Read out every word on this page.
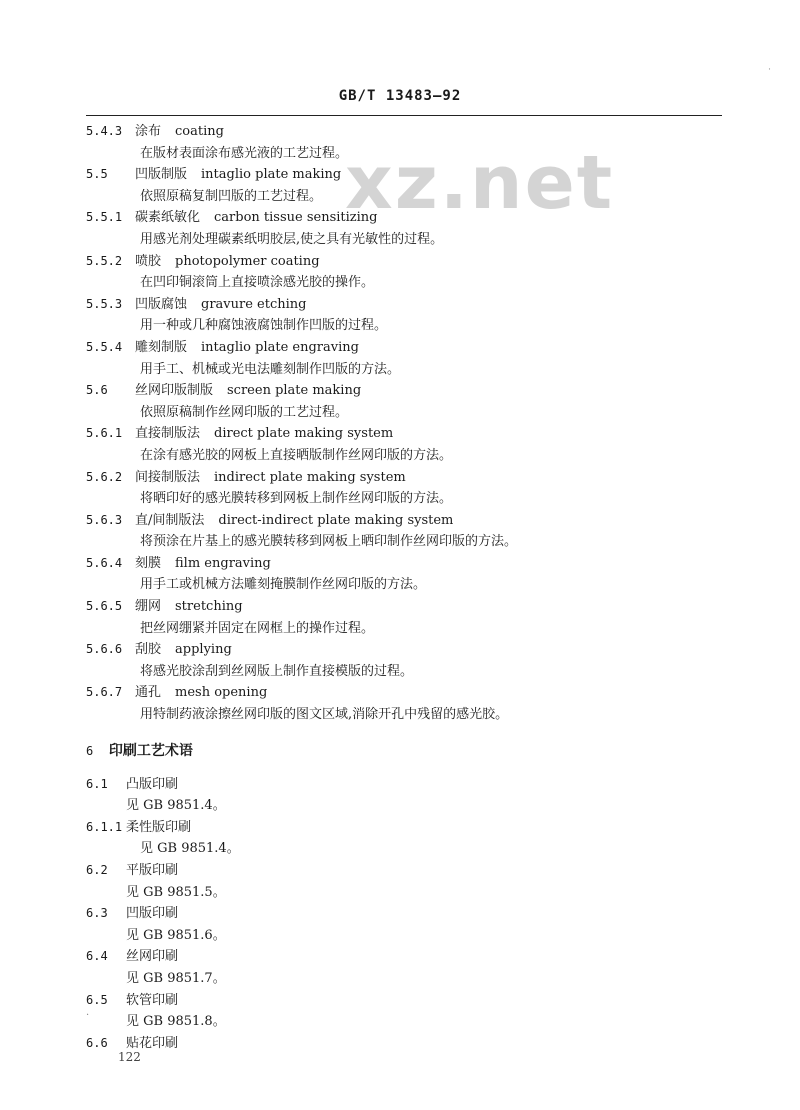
GB/T 13483—92
xz.net
5.4.3 涂布 coating
在版材表面涂布感光液的工艺过程。
5.5 凹版制版 intaglio plate making
依照原稿复制凹版的工艺过程。
5.5.1 碳素纸敏化 carbon tissue sensitizing
用感光剂处理碳素纸明胶层,使之具有光敏性的过程。
5.5.2 喷胶 photopolymer coating
在凹印铜滚筒上直接喷涂感光胶的操作。
5.5.3 凹版腐蚀 gravure etching
用一种或几种腐蚀液腐蚀制作凹版的过程。
5.5.4 雕刻制版 intaglio plate engraving
用手工、机械或光电法雕刻制作凹版的方法。
5.6 丝网印版制版 screen plate making
依照原稿制作丝网印版的工艺过程。
5.6.1 直接制版法 direct plate making system
在涂有感光胶的网板上直接晒版制作丝网印版的方法。
5.6.2 间接制版法 indirect plate making system
将晒印好的感光膜转移到网板上制作丝网印版的方法。
5.6.3 直/间制版法 direct-indirect plate making system
将预涂在片基上的感光膜转移到网板上晒印制作丝网印版的方法。
5.6.4 刻膜 film engraving
用手工或机械方法雕刻掩膜制作丝网印版的方法。
5.6.5 绷网 stretching
把丝网绷紧并固定在网框上的操作过程。
5.6.6 刮胶 applying
将感光胶涂刮到丝网版上制作直接模版的过程。
5.6.7 通孔 mesh opening
用特制药液涂擦丝网印版的图文区域,消除开孔中残留的感光胶。
6 印刷工艺术语
6.1 凸版印刷
见 GB 9851.4。
6.1.1 柔性版印刷
见 GB 9851.4。
6.2 平版印刷
见 GB 9851.5。
6.3 凹版印刷
见 GB 9851.6。
6.4 丝网印刷
见 GB 9851.7。
6.5 软管印刷
见 GB 9851.8。
6.6 贴花印刷
122
˙
·
